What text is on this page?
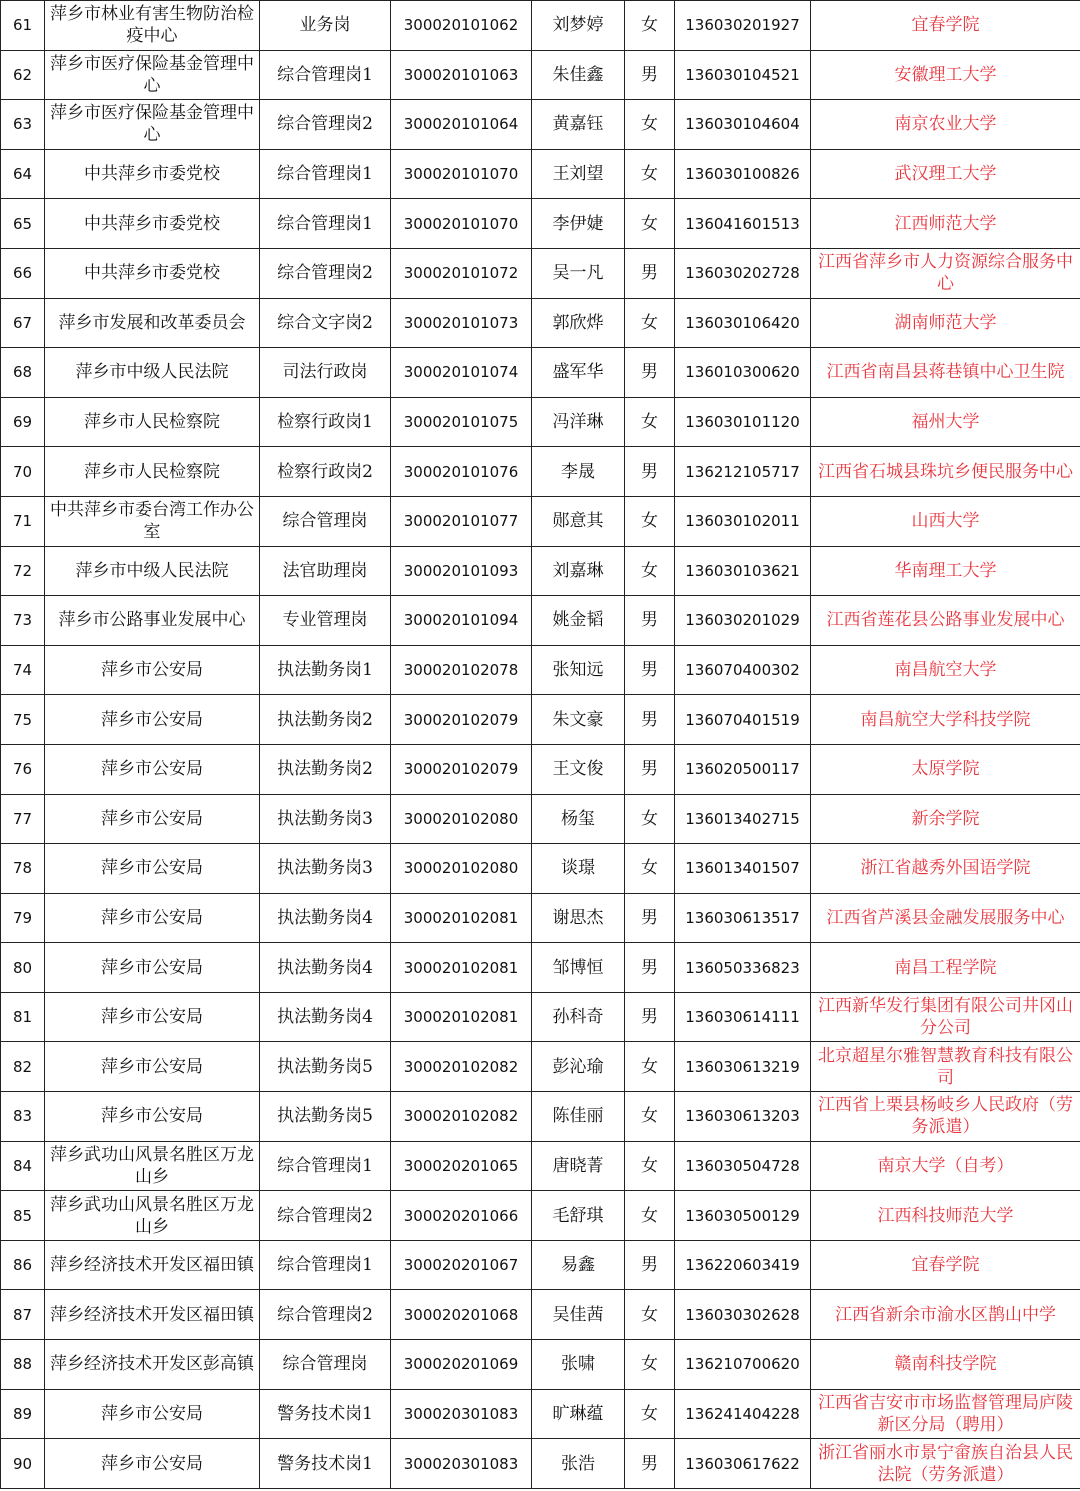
61	萍乡市林业有害生物防治检疫中心	业务岗	300020101062	刘梦婷	女	136030201927	宜春学院
62	萍乡市医疗保险基金管理中心	综合管理岗1	300020101063	朱佳鑫	男	136030104521	安徽理工大学
63	萍乡市医疗保险基金管理中心	综合管理岗2	300020101064	黄嘉钰	女	136030104604	南京农业大学
64	中共萍乡市委党校	综合管理岗1	300020101070	王刘望	女	136030100826	武汉理工大学
65	中共萍乡市委党校	综合管理岗1	300020101070	李伊婕	女	136041601513	江西师范大学
66	中共萍乡市委党校	综合管理岗2	300020101072	吴一凡	男	136030202728	江西省萍乡市人力资源综合服务中心
67	萍乡市发展和改革委员会	综合文字岗2	300020101073	郭欣烨	女	136030106420	湖南师范大学
68	萍乡市中级人民法院	司法行政岗	300020101074	盛军华	男	136010300620	江西省南昌县蒋巷镇中心卫生院
69	萍乡市人民检察院	检察行政岗1	300020101075	冯洋琳	女	136030101120	福州大学
70	萍乡市人民检察院	检察行政岗2	300020101076	李晟	男	136212105717	江西省石城县珠坑乡便民服务中心
71	中共萍乡市委台湾工作办公室	综合管理岗	300020101077	郧意其	女	136030102011	山西大学
72	萍乡市中级人民法院	法官助理岗	300020101093	刘嘉琳	女	136030103621	华南理工大学
73	萍乡市公路事业发展中心	专业管理岗	300020101094	姚金韬	男	136030201029	江西省莲花县公路事业发展中心
74	萍乡市公安局	执法勤务岗1	300020102078	张知远	男	136070400302	南昌航空大学
75	萍乡市公安局	执法勤务岗2	300020102079	朱文豪	男	136070401519	南昌航空大学科技学院
76	萍乡市公安局	执法勤务岗2	300020102079	王文俊	男	136020500117	太原学院
77	萍乡市公安局	执法勤务岗3	300020102080	杨玺	女	136013402715	新余学院
78	萍乡市公安局	执法勤务岗3	300020102080	谈璟	女	136013401507	浙江省越秀外国语学院
79	萍乡市公安局	执法勤务岗4	300020102081	谢思杰	男	136030613517	江西省芦溪县金融发展服务中心
80	萍乡市公安局	执法勤务岗4	300020102081	邹博恒	男	136050336823	南昌工程学院
81	萍乡市公安局	执法勤务岗4	300020102081	孙科奇	男	136030614111	江西新华发行集团有限公司井冈山分公司
82	萍乡市公安局	执法勤务岗5	300020102082	彭沁瑜	女	136030613219	北京超星尔雅智慧教育科技有限公司
83	萍乡市公安局	执法勤务岗5	300020102082	陈佳丽	女	136030613203	江西省上栗县杨岐乡人民政府（劳务派遣）
84	萍乡武功山风景名胜区万龙山乡	综合管理岗1	300020201065	唐晓菁	女	136030504728	南京大学（自考）
85	萍乡武功山风景名胜区万龙山乡	综合管理岗2	300020201066	毛舒琪	女	136030500129	江西科技师范大学
86	萍乡经济技术开发区福田镇	综合管理岗1	300020201067	易鑫	男	136220603419	宜春学院
87	萍乡经济技术开发区福田镇	综合管理岗2	300020201068	吴佳茜	女	136030302628	江西省新余市渝水区鹊山中学
88	萍乡经济技术开发区彭高镇	综合管理岗	300020201069	张啸	女	136210700620	赣南科技学院
89	萍乡市公安局	警务技术岗1	300020301083	旷琳蕴	女	136241404228	江西省吉安市市场监督管理局庐陵新区分局（聘用）
90	萍乡市公安局	警务技术岗1	300020301083	张浩	男	136030617622	浙江省丽水市景宁畲族自治县人民法院（劳务派遣）
